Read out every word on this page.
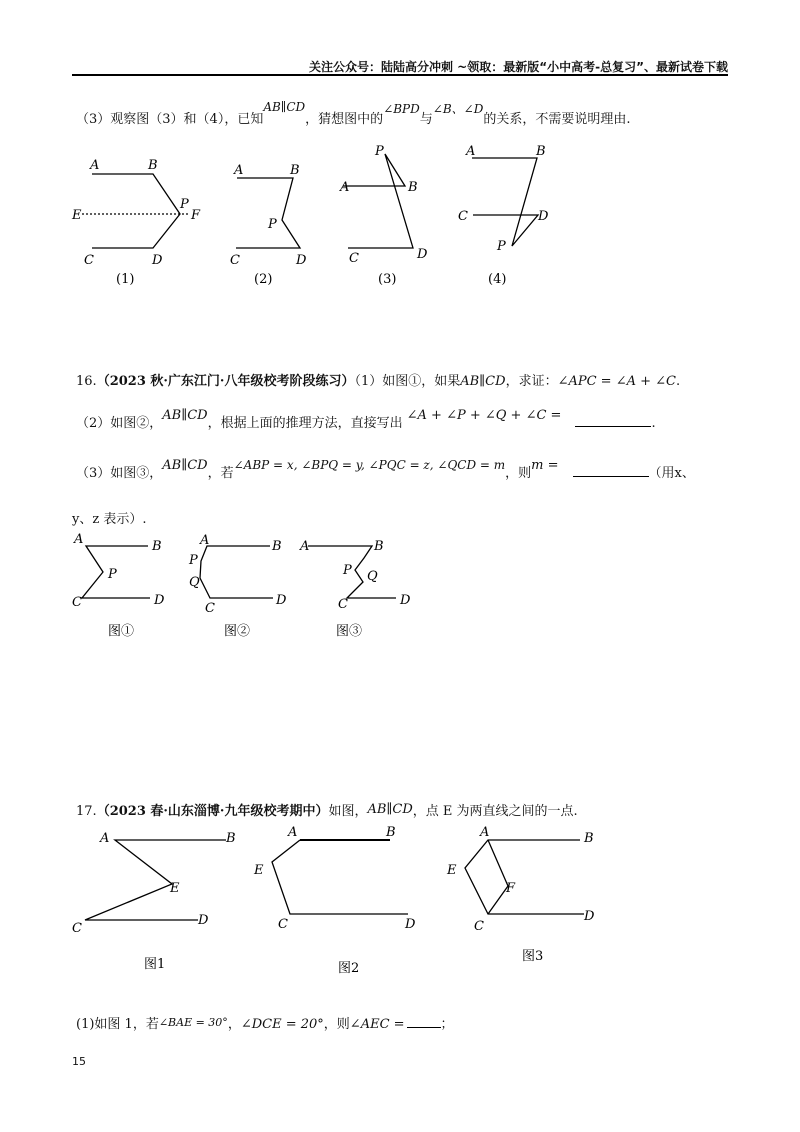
关注公众号：陆陆高分冲刺 ~领取：最新版“小中高考-总复习”、最新试卷下载
（3）观察图（3）和（4），已知AB∥CD，猜想图中的∠BPD与∠B、∠D的关系，不需要说明理由.
A	B
E
P
F
C	D
(1)
A	B
P
C	D
(2)
P
A	B
C	D
(3)
A	B
C	D
P
(4)
16.（2023 秋·广东江门·八年级校考阶段练习）（1）如图①，如果AB∥CD，求证：∠APC = ∠A + ∠C.
（2）如图②，AB∥CD，根据上面的推理方法，直接写出∠A + ∠P + ∠Q + ∠C =.
（3）如图③，AB∥CD，若∠ABP = x, ∠BPQ = y, ∠PQC = z, ∠QCD = m，则m =（用x、
y、z 表示）.
A	B
P
C	D
图①
A	B
P
Q
C
D
图②
A	B
P Q
C	D
图③
17.（2023 春·山东淄博·九年级校考期中）如图，AB∥CD，点 E 为两直线之间的一点.
A	B
E
C
D
图1
A	B
E
C	D
图2
A	B
E
F
C
D
图3
(1)如图 1，若∠BAE = 30°，∠DCE = 20°，则∠AEC =	；
15
